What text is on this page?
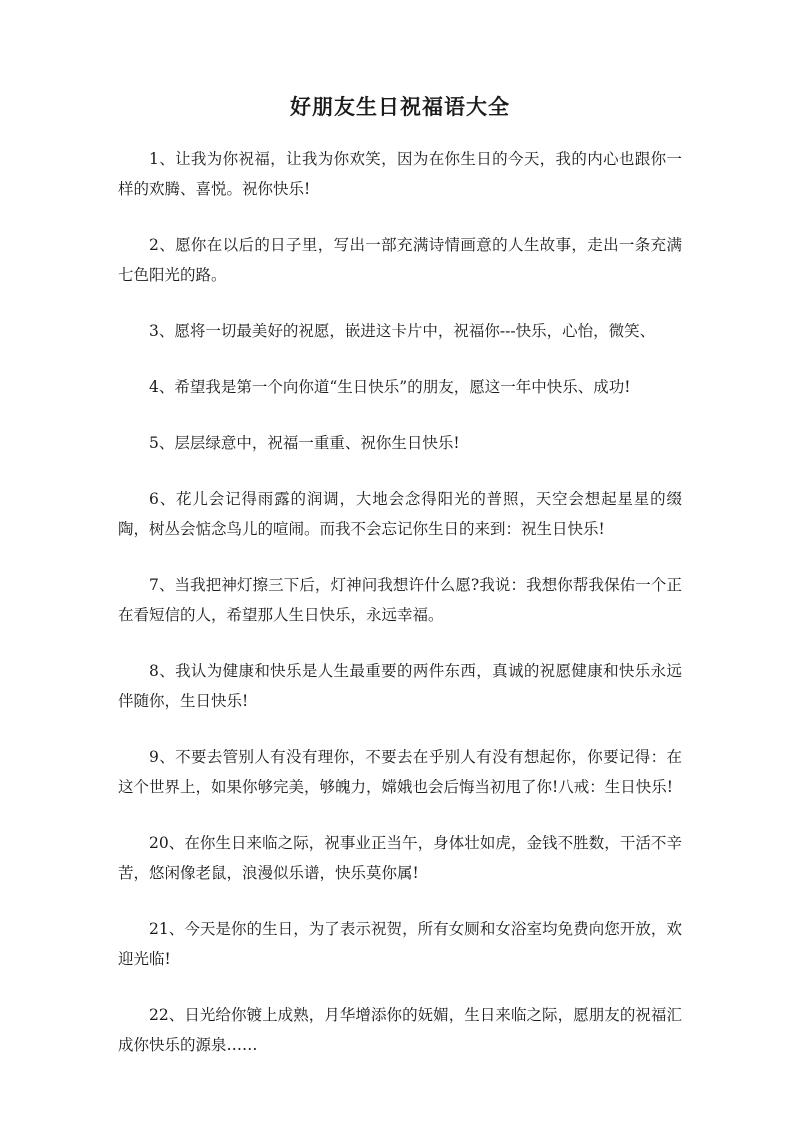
好朋友生日祝福语大全

1、让我为你祝福，让我为你欢笑，因为在你生日的今天，我的内心也跟你一样的欢腾、喜悦。祝你快乐!

2、愿你在以后的日子里，写出一部充满诗情画意的人生故事，走出一条充满七色阳光的路。

3、愿将一切最美好的祝愿，嵌进这卡片中，祝福你---快乐，心怡，微笑、

4、希望我是第一个向你道“生日快乐”的朋友，愿这一年中快乐、成功!

5、层层绿意中，祝福一重重、祝你生日快乐!

6、花儿会记得雨露的润调，大地会念得阳光的普照，天空会想起星星的缀陶，树丛会惦念鸟儿的喧闹。而我不会忘记你生日的来到：祝生日快乐!

7、当我把神灯擦三下后，灯神问我想许什么愿?我说：我想你帮我保佑一个正在看短信的人，希望那人生日快乐，永远幸福。

8、我认为健康和快乐是人生最重要的两件东西，真诚的祝愿健康和快乐永远伴随你，生日快乐!

9、不要去管别人有没有理你，不要去在乎别人有没有想起你，你要记得：在这个世界上，如果你够完美，够魄力，嫦娥也会后悔当初甩了你!八戒：生日快乐!

20、在你生日来临之际，祝事业正当午，身体壮如虎，金钱不胜数，干活不辛苦，悠闲像老鼠，浪漫似乐谱，快乐莫你属!

21、今天是你的生日，为了表示祝贺，所有女厕和女浴室均免费向您开放，欢迎光临!

22、日光给你镀上成熟，月华增添你的妩媚，生日来临之际，愿朋友的祝福汇成你快乐的源泉……
